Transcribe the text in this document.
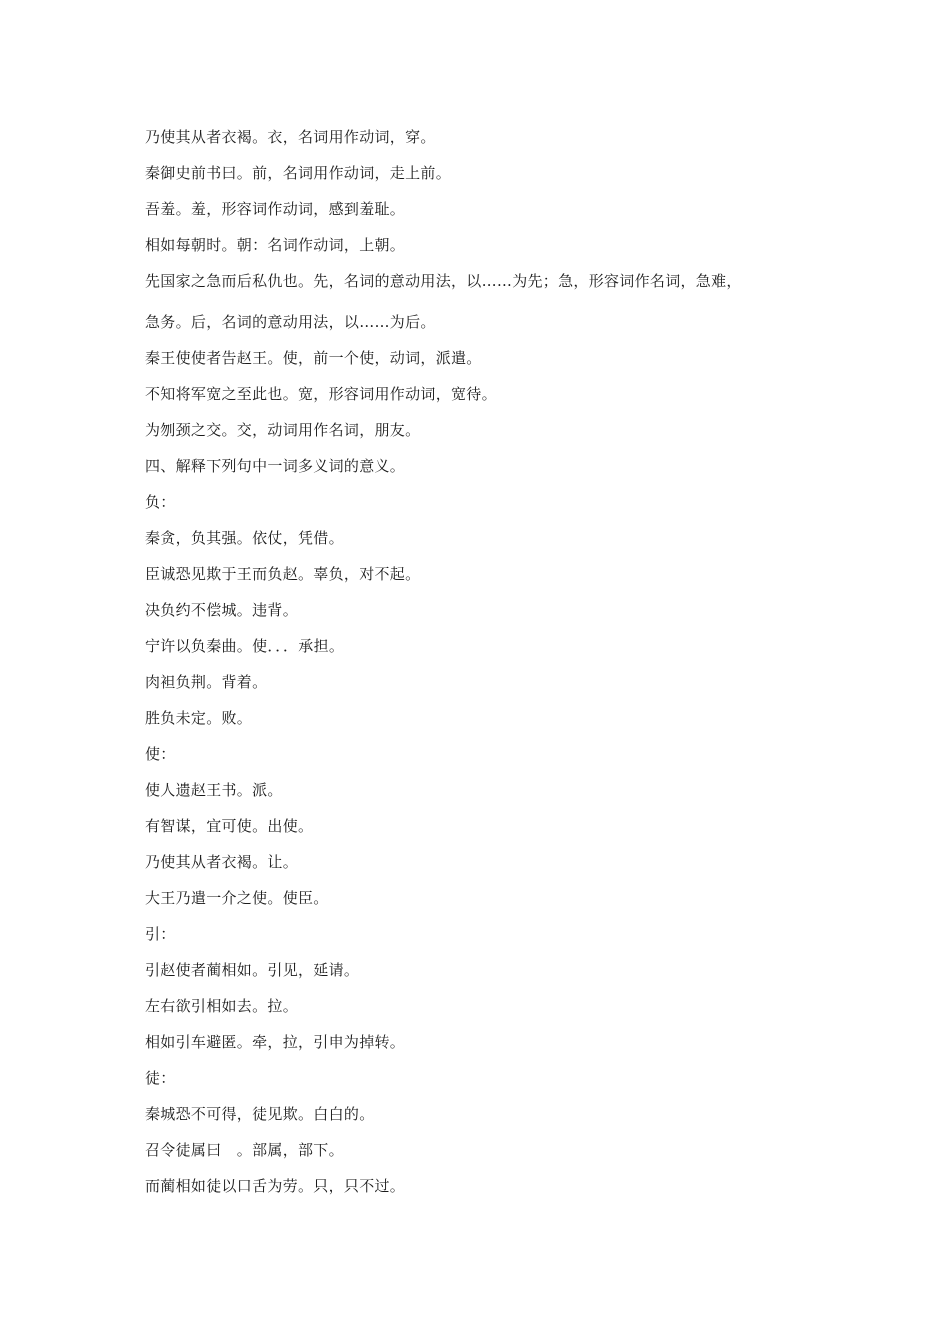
乃使其从者衣褐。衣，名词用作动词，穿。
秦御史前书曰。前，名词用作动词，走上前。
吾羞。羞，形容词作动词，感到羞耻。
相如每朝时。朝：名词作动词，上朝。
先国家之急而后私仇也。先，名词的意动用法，以……为先；急，形容词作名词，急难，
急务。后，名词的意动用法，以……为后。
秦王使使者告赵王。使，前一个使，动词，派遣。
不知将军宽之至此也。宽，形容词用作动词，宽待。
为刎颈之交。交，动词用作名词，朋友。
四、解释下列句中一词多义词的意义。
负：
秦贪，负其强。依仗，凭借。
臣诚恐见欺于王而负赵。辜负，对不起。
决负约不偿城。违背。
宁许以负秦曲。使．．．承担。
肉袒负荆。背着。
胜负未定。败。
使：
使人遗赵王书。派。
有智谋，宜可使。出使。
乃使其从者衣褐。让。
大王乃遣一介之使。使臣。
引：
引赵使者蔺相如。引见，延请。
左右欲引相如去。拉。
相如引车避匿。牵，拉，引申为掉转。
徒：
秦城恐不可得，徒见欺。白白的。
召令徒属曰　。部属，部下。
而蔺相如徒以口舌为劳。只，只不过。
